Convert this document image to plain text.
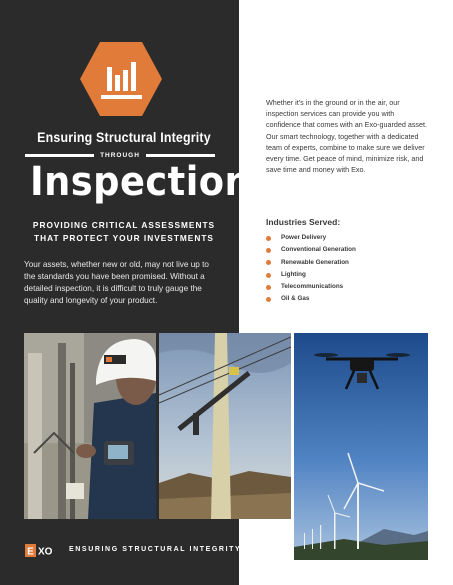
Ensuring Structural Integrity
THROUGH
Inspection
PROVIDING CRITICAL ASSESSMENTS
THAT PROTECT YOUR INVESTMENTS
Your assets, whether new or old, may not live up to the standards you have been promised. Without a detailed inspection, it is difficult to truly gauge the quality and longevity of your product.
Whether it's in the ground or in the air, our inspection services can provide you with confidence that comes with an Exo-guarded asset. Our smart technology, together with a dedicated team of experts, combine to make sure we deliver every time. Get peace of mind, minimize risk, and save time and money with Exo.
Industries Served:
Power Delivery
Conventional Generation
Renewable Generation
Lighting
Telecommunications
Oil & Gas
E XO ENSURING STRUCTURAL INTEGRITY
